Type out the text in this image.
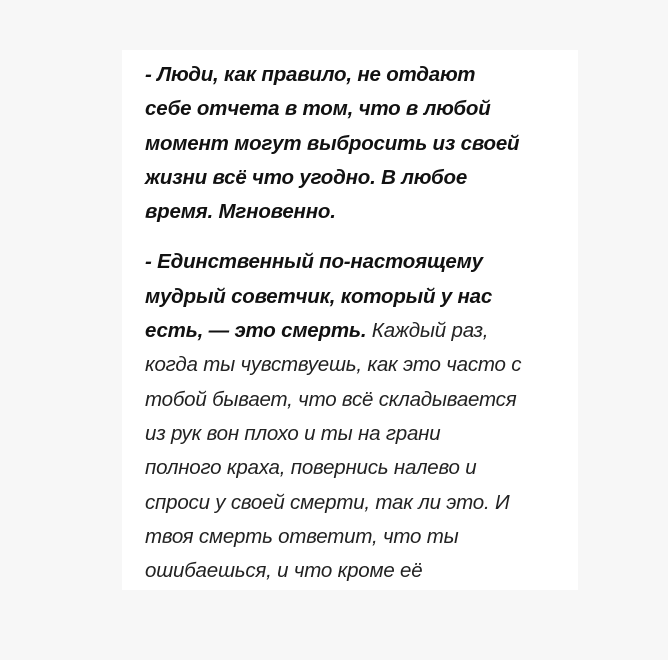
- Люди, как правило, не отдают
себе отчета в том, что в любой
момент могут выбросить из своей
жизни всё что угодно. В любое
время. Мгновенно.

- Единственный по-настоящему
мудрый советчик, который у нас
есть, — это смерть. Каждый раз,
когда ты чувствуешь, как это часто с
тобой бывает, что всё складывается
из рук вон плохо и ты на грани
полного краха, повернись налево и
спроси у своей смерти, так ли это. И
твоя смерть ответит, что ты
ошибаешься, и что кроме её
